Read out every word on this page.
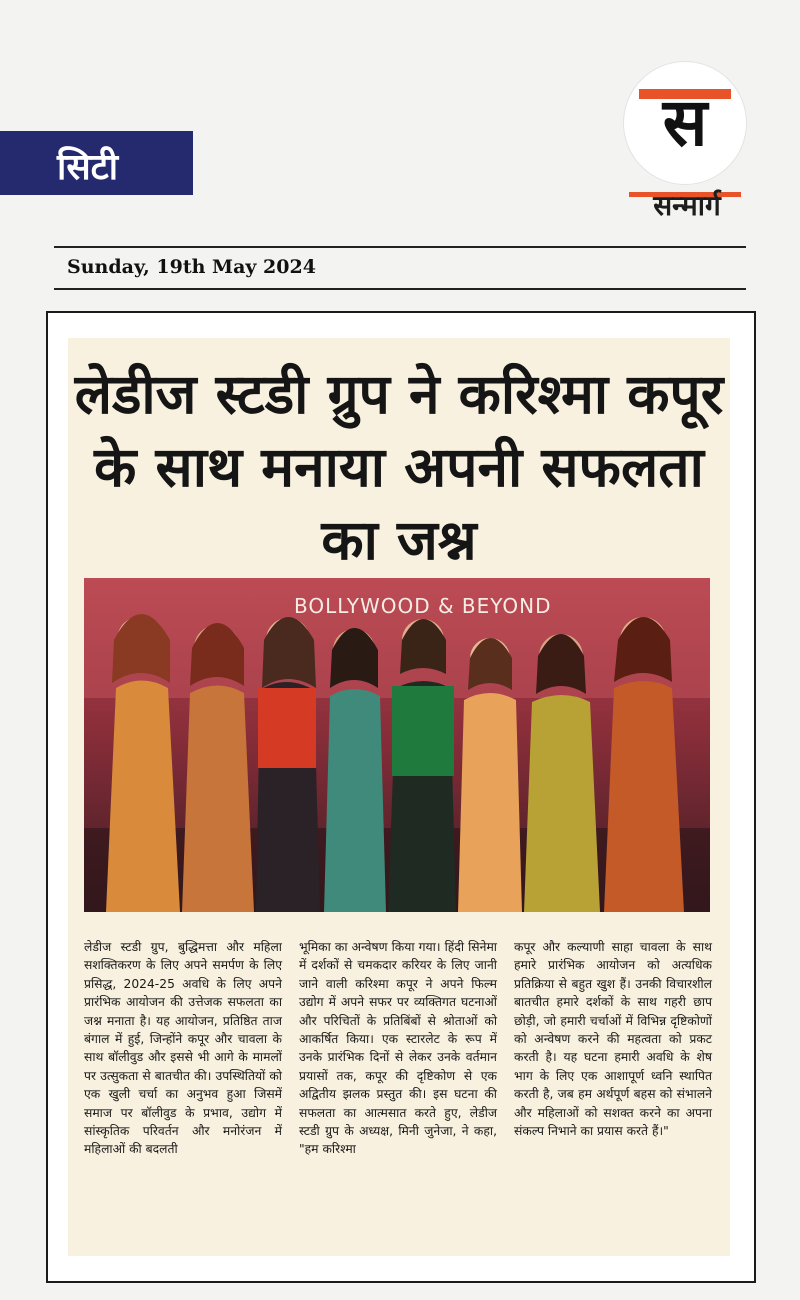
सिटी
स
सन्मार्ग
Sunday, 19th May 2024
लेडीज स्टडी ग्रुप ने करिश्मा कपूर के साथ मनाया अपनी सफलता का जश्न
BOLLYWOOD & BEYOND
लेडीज स्टडी ग्रुप, बुद्धिमत्ता और महिला सशक्तिकरण के लिए अपने समर्पण के लिए प्रसिद्ध, 2024-25 अवधि के लिए अपने प्रारंभिक आयोजन की उत्तेजक सफलता का जश्न मनाता है। यह आयोजन, प्रतिष्ठित ताज बंगाल में हुई, जिन्होंने कपूर और चावला के साथ बॉलीवुड और इससे भी आगे के मामलों पर उत्सुकता से बातचीत की। उपस्थितियों को एक खुली चर्चा का अनुभव हुआ जिसमें समाज पर बॉलीवुड के प्रभाव, उद्योग में सांस्कृतिक परिवर्तन और मनोरंजन में महिलाओं की बदलती
भूमिका का अन्वेषण किया गया। हिंदी सिनेमा में दर्शकों से चमकदार करियर के लिए जानी जाने वाली करिश्मा कपूर ने अपने फिल्म उद्योग में अपने सफर पर व्यक्तिगत घटनाओं और परिचितों के प्रतिबिंबों से श्रोताओं को आकर्षित किया। एक स्टारलेट के रूप में उनके प्रारंभिक दिनों से लेकर उनके वर्तमान प्रयासों तक, कपूर की दृष्टिकोण से एक अद्वितीय झलक प्रस्तुत की। इस घटना की सफलता का आत्मसात करते हुए, लेडीज स्टडी ग्रुप के अध्यक्ष, मिनी जुनेजा, ने कहा, "हम करिश्मा
कपूर और कल्याणी साहा चावला के साथ हमारे प्रारंभिक आयोजन को अत्यधिक प्रतिक्रिया से बहुत खुश हैं। उनकी विचारशील बातचीत हमारे दर्शकों के साथ गहरी छाप छोड़ी, जो हमारी चर्चाओं में विभिन्न दृष्टिकोणों को अन्वेषण करने की महत्वता को प्रकट करती है। यह घटना हमारी अवधि के शेष भाग के लिए एक आशापूर्ण ध्वनि स्थापित करती है, जब हम अर्थपूर्ण बहस को संभालने और महिलाओं को सशक्त करने का अपना संकल्प निभाने का प्रयास करते हैं।"
